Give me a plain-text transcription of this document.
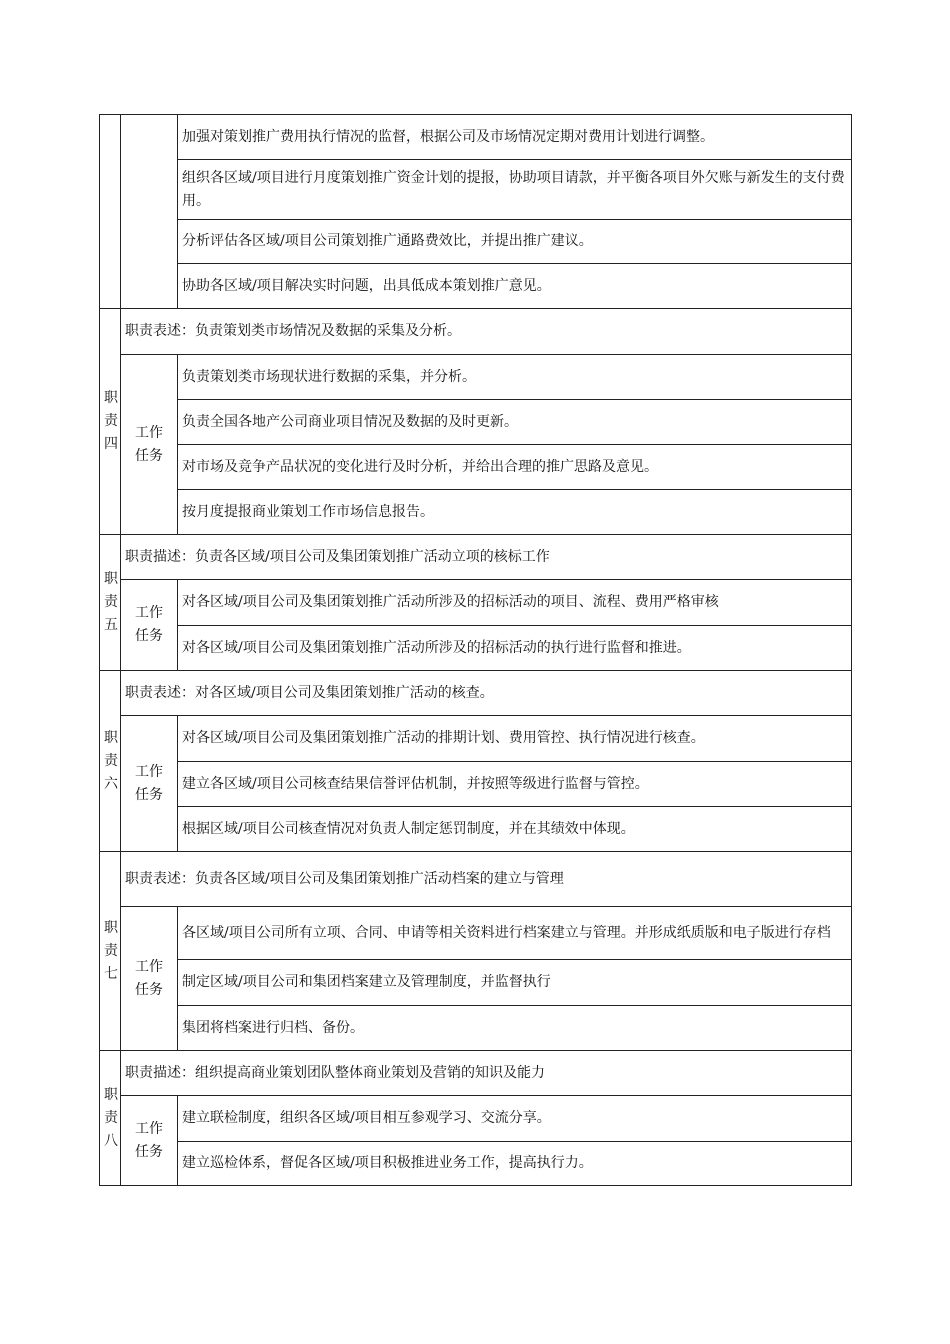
		加强对策划推广费用执行情况的监督，根据公司及市场情况定期对费用计划进行调整。
		组织各区域/项目进行月度策划推广资金计划的提报，协助项目请款，并平衡各项目外欠账与新发生的支付费用。
		分析评估各区域/项目公司策划推广通路费效比，并提出推广建议。
		协助各区域/项目解决实时问题，出具低成本策划推广意见。

职
责
四	职责表述：负责策划类市场情况及数据的采集及分析。	

	工作
任务	负责策划类市场现状进行数据的采集，并分析。
		负责全国各地产公司商业项目情况及数据的及时更新。
		对市场及竞争产品状况的变化进行及时分析，并给出合理的推广思路及意见。
		按月度提报商业策划工作市场信息报告。

职
责
五	职责描述：负责各区域/项目公司及集团策划推广活动立项的核标工作	

	工作
任务	对各区域/项目公司及集团策划推广活动所涉及的招标活动的项目、流程、费用严格审核
		对各区域/项目公司及集团策划推广活动所涉及的招标活动的执行进行监督和推进。

职
责
六	职责表述：对各区域/项目公司及集团策划推广活动的核查。	

	工作
任务	对各区域/项目公司及集团策划推广活动的排期计划、费用管控、执行情况进行核查。
		建立各区域/项目公司核查结果信誉评估机制，并按照等级进行监督与管控。
		根据区域/项目公司核查情况对负责人制定惩罚制度，并在其绩效中体现。

职
责
七	职责表述：负责各区域/项目公司及集团策划推广活动档案的建立与管理	

	工作
任务	各区域/项目公司所有立项、合同、申请等相关资料进行档案建立与管理。并形成纸质版和电子版进行存档
		制定区域/项目公司和集团档案建立及管理制度，并监督执行
		集团将档案进行归档、备份。

职
责
八	职责描述：组织提高商业策划团队整体商业策划及营销的知识及能力	

	工作
任务	建立联检制度，组织各区域/项目相互参观学习、交流分享。
		建立巡检体系，督促各区域/项目积极推进业务工作，提高执行力。
